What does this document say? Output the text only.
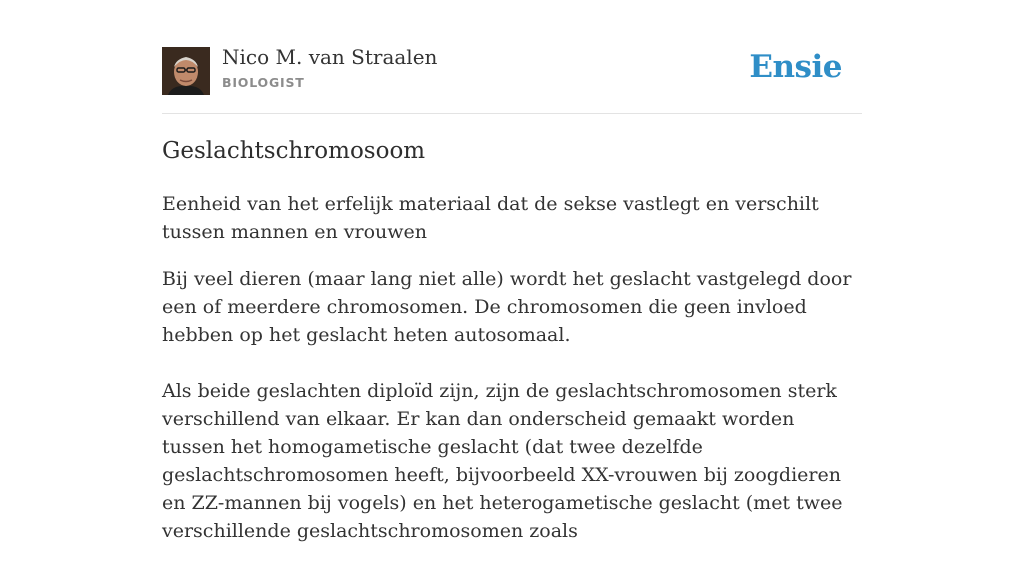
Nico M. van Straalen
BIOLOGIST	Ensie
Geslachtschromosoom

Eenheid van het erfelijk materiaal dat de sekse vastlegt en verschilt tussen mannen en vrouwen

Bij veel dieren (maar lang niet alle) wordt het geslacht vastgelegd door een of meerdere chromosomen. De chromosomen die geen invloed hebben op het geslacht heten autosomaal.

Als beide geslachten diploïd zijn, zijn de geslachtschromosomen sterk verschillend van elkaar. Er kan dan onderscheid gemaakt worden tussen het homogametische geslacht (dat twee dezelfde geslachtschromosomen heeft, bijvoorbeeld XX-vrouwen bij zoogdieren en ZZ-mannen bij vogels) en het heterogametische geslacht (met twee verschillende geslachtschromosomen zoals
